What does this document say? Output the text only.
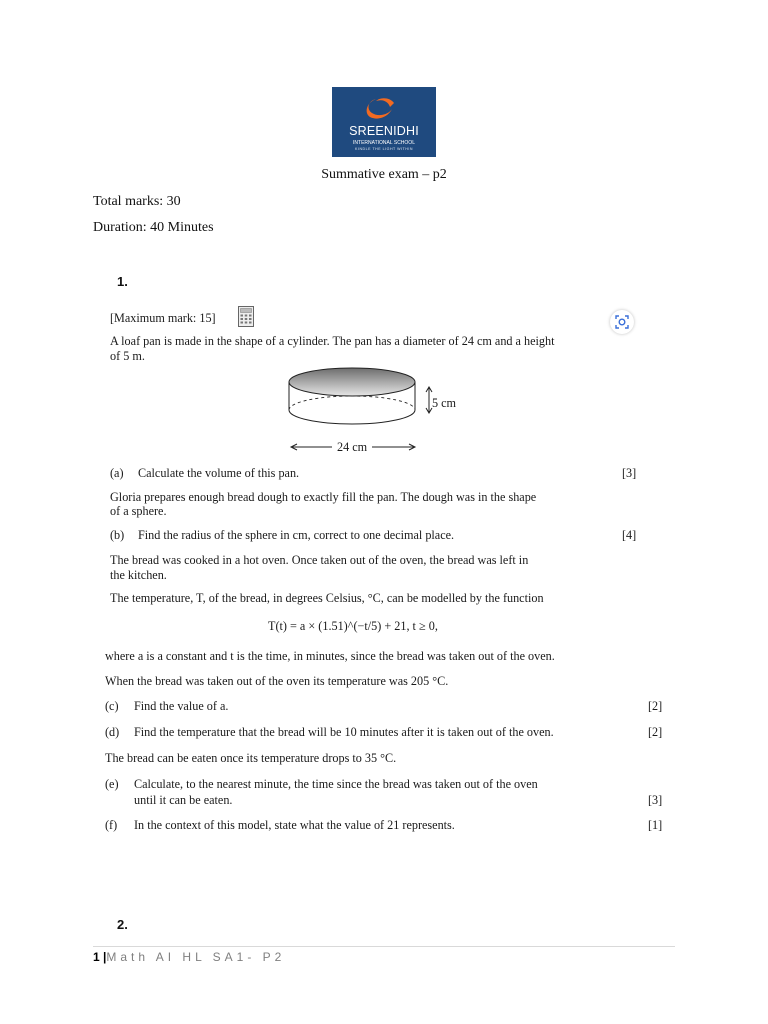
SREENIDHI
INTERNATIONAL SCHOOL
KINDLE THE LIGHT WITHIN
Summative exam – p2
Total marks: 30
Duration: 40 Minutes
1.
[Maximum mark: 15]
A loaf pan is made in the shape of a cylinder. The pan has a diameter of 24 cm and a height
of 5 m.
5 cm
24 cm
(a) Calculate the volume of this pan.	[3]
Gloria prepares enough bread dough to exactly fill the pan. The dough was in the shape
of a sphere.
(b) Find the radius of the sphere in cm, correct to one decimal place.	[4]
The bread was cooked in a hot oven. Once taken out of the oven, the bread was left in
the kitchen.
The temperature, T, of the bread, in degrees Celsius, °C, can be modelled by the function
T(t) = a × (1.51)^(−t/5) + 21, t ≥ 0,
where a is a constant and t is the time, in minutes, since the bread was taken out of the oven.
When the bread was taken out of the oven its temperature was 205 °C.
(c) Find the value of a.	[2]
(d) Find the temperature that the bread will be 10 minutes after it is taken out of the oven.	[2]
The bread can be eaten once its temperature drops to 35 °C.
(e) Calculate, to the nearest minute, the time since the bread was taken out of the oven
until it can be eaten.	[3]
(f) In the context of this model, state what the value of 21 represents.	[1]
2.
1 |Math AI HL SA1- P2
